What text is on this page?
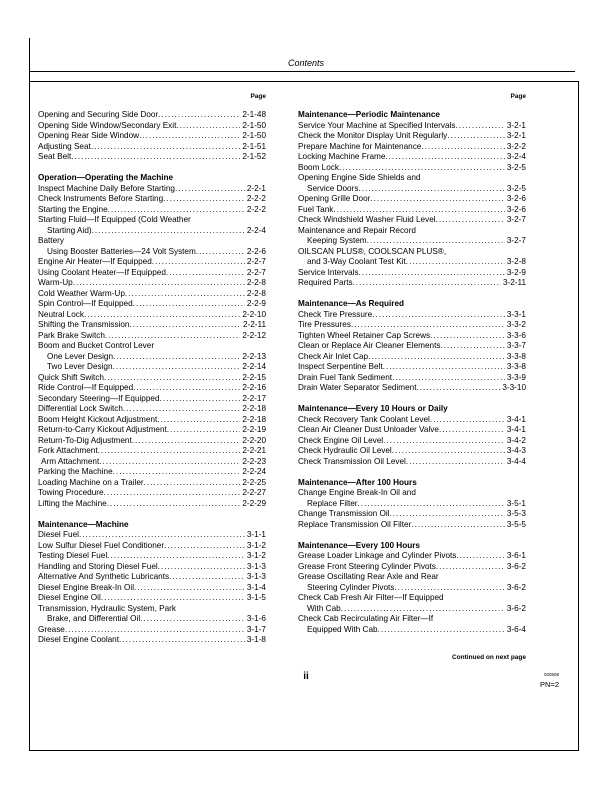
Contents
Page
Opening and Securing Side Door .....	2-1-48
Opening Side Window/Secondary Exit .....	2-1-50
Opening Rear Side Window .....	2-1-50
Adjusting Seat .....	2-1-51
Seat Belt .....	2-1-52
Operation—Operating the Machine
Inspect Machine Daily Before Starting .....	2-2-1
Check Instruments Before Starting .....	2-2-2
Starting the Engine .....	2-2-2
Starting Fluid—If Equipped (Cold Weather
Starting Aid) .....	2-2-4
Battery
Using Booster Batteries—24 Volt System .....	2-2-6
Engine Air Heater—If Equipped .....	2-2-7
Using Coolant Heater—If Equipped .....	2-2-7
Warm-Up .....	2-2-8
Cold Weather Warm-Up .....	2-2-8
Spin Control—If Equipped .....	2-2-9
Neutral Lock .....	2-2-10
Shifting the Transmission .....	2-2-11
Park Brake Switch .....	2-2-12
Boom and Bucket Control Lever
One Lever Design .....	2-2-13
Two Lever Design .....	2-2-14
Quick Shift Switch .....	2-2-15
Ride Control—If Equipped .....	2-2-16
Secondary Steering—If Equipped .....	2-2-17
Differential Lock Switch .....	2-2-18
Boom Height Kickout Adjustment .....	2-2-18
Return-to-Carry Kickout Adjustment .....	2-2-19
Return-To-Dig Adjustment .....	2-2-20
Fork Attachment .....	2-2-21
Arm Attachment .....	2-2-23
Parking the Machine .....	2-2-24
Loading Machine on a Trailer .....	2-2-25
Towing Procedure .....	2-2-27
Lifting the Machine .....	2-2-29
Maintenance—Machine
Diesel Fuel .....	3-1-1
Low Sulfur Diesel Fuel Conditioner .....	3-1-2
Testing Diesel Fuel .....	3-1-2
Handling and Storing Diesel Fuel .....	3-1-3
Alternative And Synthetic Lubricants .....	3-1-3
Diesel Engine Break-In Oil .....	3-1-4
Diesel Engine Oil .....	3-1-5
Transmission, Hydraulic System, Park
Brake, and Differential Oil .....	3-1-6
Grease .....	3-1-7
Diesel Engine Coolant .....	3-1-8
Page
Maintenance—Periodic Maintenance
Service Your Machine at Specified Intervals .....	3-2-1
Check the Monitor Display Unit Regularly .....	3-2-1
Prepare Machine for Maintenance .....	3-2-2
Locking Machine Frame .....	3-2-4
Boom Lock .....	3-2-5
Opening Engine Side Shields and
Service Doors .....	3-2-5
Opening Grille Door .....	3-2-6
Fuel Tank .....	3-2-6
Check Windshield Washer Fluid Level .....	3-2-7
Maintenance and Repair Record
Keeping System .....	3-2-7
OILSCAN PLUS®, COOLSCAN PLUS®,
and 3-Way Coolant Test Kit .....	3-2-8
Service Intervals .....	3-2-9
Required Parts .....	3-2-11
Maintenance—As Required
Check Tire Pressure .....	3-3-1
Tire Pressures .....	3-3-2
Tighten Wheel Retainer Cap Screws .....	3-3-6
Clean or Replace Air Cleaner Elements .....	3-3-7
Check Air Inlet Cap .....	3-3-8
Inspect Serpentine Belt .....	3-3-8
Drain Fuel Tank Sediment .....	3-3-9
Drain Water Separator Sediment .....	3-3-10
Maintenance—Every 10 Hours or Daily
Check Recovery Tank Coolant Level .....	3-4-1
Clean Air Cleaner Dust Unloader Valve .....	3-4-1
Check Engine Oil Level .....	3-4-2
Check Hydraulic Oil Level .....	3-4-3
Check Transmission Oil Level .....	3-4-4
Maintenance—After 100 Hours
Change Engine Break-In Oil and
Replace Filter .....	3-5-1
Change Transmission Oil .....	3-5-3
Replace Transmission Oil Filter .....	3-5-5
Maintenance—Every 100 Hours
Grease Loader Linkage and Cylinder Pivots .....	3-6-1
Grease Front Steering Cylinder Pivots .....	3-6-2
Grease Oscillating Rear Axle and Rear
Steering Cylinder Pivots .....	3-6-2
Check Cab Fresh Air Filter—If Equipped
With Cab .....	3-6-2
Check Cab Recirculating Air Filter—If
Equipped With Cab .....	3-6-4
Continued on next page
ii	020508
PN=2
